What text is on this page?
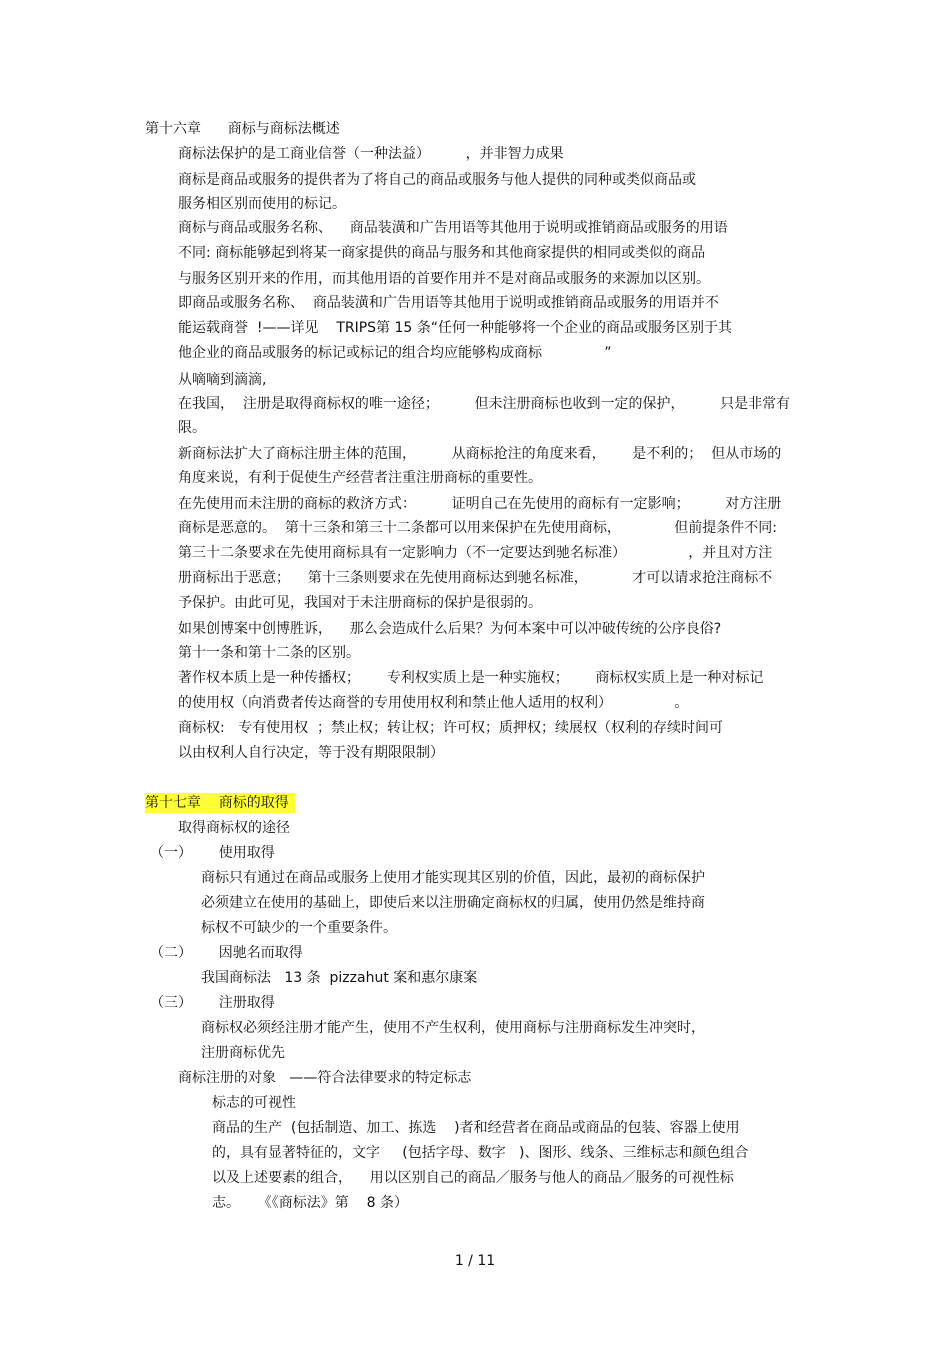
第十六章      商标与商标法概述
商标法保护的是工商业信誉（一种法益）        ，并非智力成果
商标是商品或服务的提供者为了将自己的商品或服务与他人提供的同种或类似商品或
服务相区别而使用的标记。
商标与商品或服务名称、    商品装潢和广告用语等其他用于说明或推销商品或服务的用语
不同: 商标能够起到将某一商家提供的商品与服务和其他商家提供的相同或类似的商品
与服务区别开来的作用，而其他用语的首要作用并不是对商品或服务的来源加以区别。
即商品或服务名称、  商品装潢和广告用语等其他用于说明或推销商品或服务的用语并不
能运载商誉  !——详见    TRIPS第 15 条“任何一种能够将一个企业的商品或服务区别于其
他企业的商品或服务的标记或标记的组合均应能够构成商标              ”
从嘀嘀到滴滴,
在我国，  注册是取得商标权的唯一途径；        但未注册商标也收到一定的保护，        只是非常有
限。
新商标法扩大了商标注册主体的范围，        从商标抢注的角度来看，      是不利的；  但从市场的
角度来说，有利于促使生产经营者注重注册商标的重要性。
在先使用而未注册的商标的救济方式：        证明自己在先使用的商标有一定影响；        对方注册
商标是恶意的。  第十三条和第三十二条都可以用来保护在先使用商标，            但前提条件不同:
第三十二条要求在先使用商标具有一定影响力（不一定要达到驰名标准）              ，并且对方注
册商标出于恶意；    第十三条则要求在先使用商标达到驰名标准，          才可以请求抢注商标不
予保护。由此可见，我国对于未注册商标的保护是很弱的。
如果创博案中创博胜诉，    那么会造成什么后果？为何本案中可以冲破传统的公序良俗?
第十一条和第十二条的区别。
著作权本质上是一种传播权；      专利权实质上是一种实施权；      商标权实质上是一种对标记
的使用权（向消费者传达商誉的专用使用权利和禁止他人适用的权利）              。
商标权:   专有使用权  ；禁止权；转让权；许可权；质押权；续展权（权利的存续时间可
以由权利人自行决定，等于没有期限限制）
第十七章    商标的取得
取得商标权的途径
（一）      使用取得
商标只有通过在商品或服务上使用才能实现其区别的价值，因此，最初的商标保护
必须建立在使用的基础上，即使后来以注册确定商标权的归属，使用仍然是维持商
标权不可缺少的一个重要条件。
（二）      因驰名而取得
我国商标法   13 条  pizzahut 案和惠尔康案
（三）      注册取得
商标权必须经注册才能产生，使用不产生权利，使用商标与注册商标发生冲突时，
注册商标优先
商标注册的对象   ——符合法律要求的特定标志
标志的可视性
商品的生产  (包括制造、加工、拣选    )者和经营者在商品或商品的包装、容器上使用
的，具有显著特征的，文字     (包括字母、数字   )、图形、线条、三维标志和颜色组合
以及上述要素的组合，    用以区别自己的商品／服务与他人的商品／服务的可视性标
志。    《《商标法》第    8 条）
1 / 11
